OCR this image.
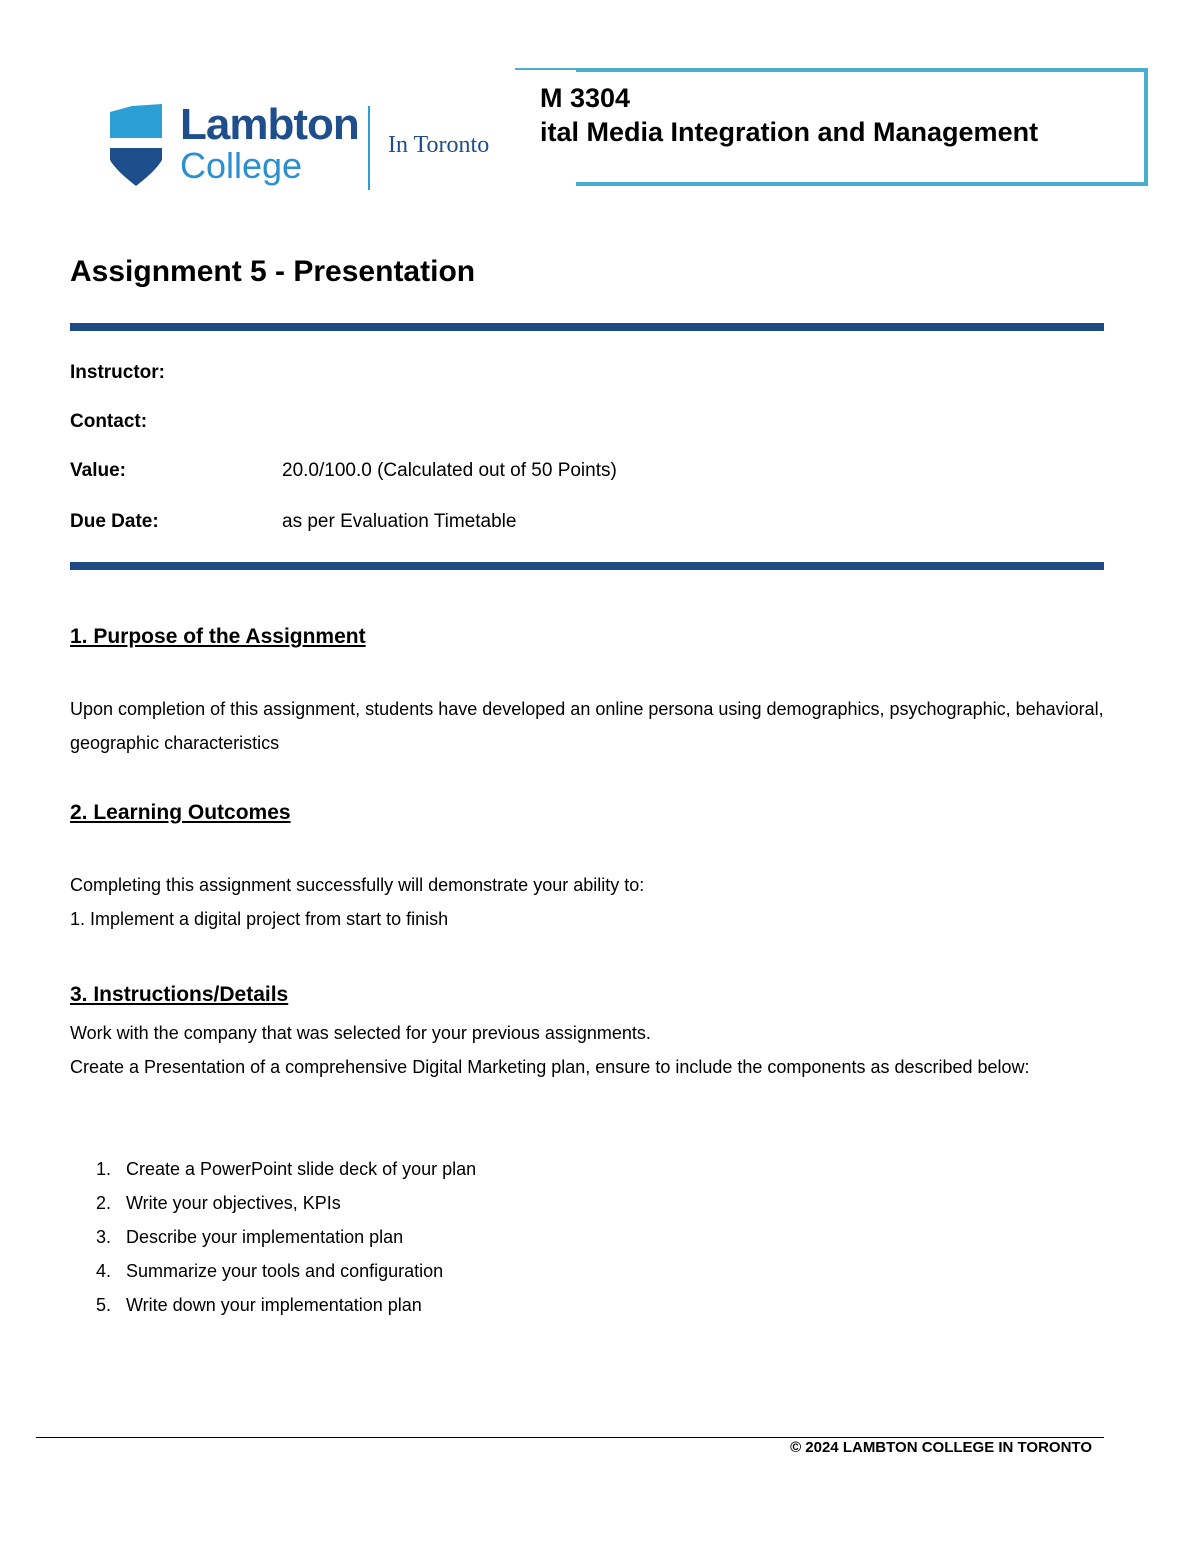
Lambton
College	In Toronto
M 3304
ital Media Integration and Management
Assignment 5 - Presentation
Instructor:
Contact:
Value:	20.0/100.0 (Calculated out of 50 Points)
Due Date:	as per Evaluation Timetable
1. Purpose of the Assignment
Upon completion of this assignment, students have developed an online persona using demographics, psychographic, behavioral, geographic characteristics
2. Learning Outcomes
Completing this assignment successfully will demonstrate your ability to:
1. Implement a digital project from start to finish
3. Instructions/Details
Work with the company that was selected for your previous assignments.
Create a Presentation of a comprehensive Digital Marketing plan, ensure to include the components as described below:
1. Create a PowerPoint slide deck of your plan
2. Write your objectives, KPIs
3. Describe your implementation plan
4. Summarize your tools and configuration
5. Write down your implementation plan
© 2024 LAMBTON COLLEGE IN TORONTO
